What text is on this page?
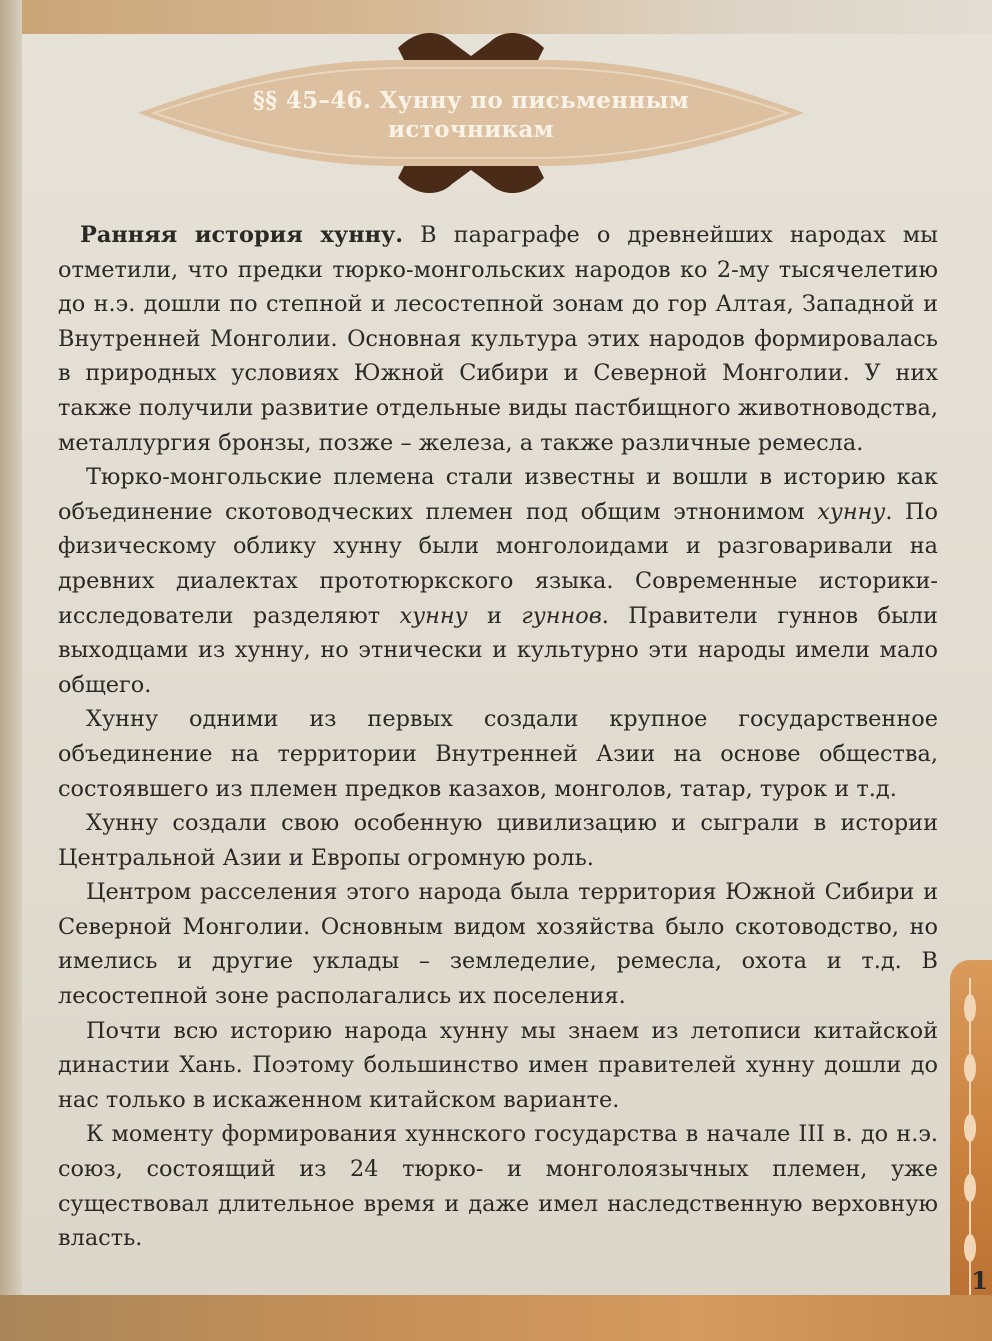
§§ 45–46. Хунну по письменным
источникам

Ранняя история хунну. В параграфе о древнейших народах мы отметили, что предки тюрко-монгольских народов ко 2-му тысячелетию до н.э. дошли по степной и лесостепной зонам до гор Алтая, Западной и Внутренней Монголии. Основная культура этих народов формировалась в природных условиях Южной Сибири и Северной Монголии. У них также получили развитие отдельные виды пастбищного животноводства, металлургия бронзы, позже – железа, а также различные ремесла.

Тюрко-монгольские племена стали известны и вошли в историю как объединение скотоводческих племен под общим этнонимом хунну. По физическому облику хунну были монголоидами и разговаривали на древних диалектах прототюркского языка. Современные историки-исследователи разделяют хунну и гуннов. Правители гуннов были выходцами из хунну, но этнически и культурно эти народы имели мало общего.

Хунну одними из первых создали крупное государственное объединение на территории Внутренней Азии на основе общества, состоявшего из племен предков казахов, монголов, татар, турок и т.д.

Хунну создали свою особенную цивилизацию и сыграли в истории Центральной Азии и Европы огромную роль.

Центром расселения этого народа была территория Южной Сибири и Северной Монголии. Основным видом хозяйства было скотоводство, но имелись и другие уклады – земледелие, ремесла, охота и т.д. В лесостепной зоне располагались их поселения.

Почти всю историю народа хунну мы знаем из летописи китайской династии Хань. Поэтому большинство имен правителей хунну дошли до нас только в искаженном китайском варианте.

К моменту формирования хуннского государства в начале III в. до н.э. союз, состоящий из 24 тюрко- и монголоязычных племен, уже существовал длительное время и даже имел наследственную верховную власть.

1
